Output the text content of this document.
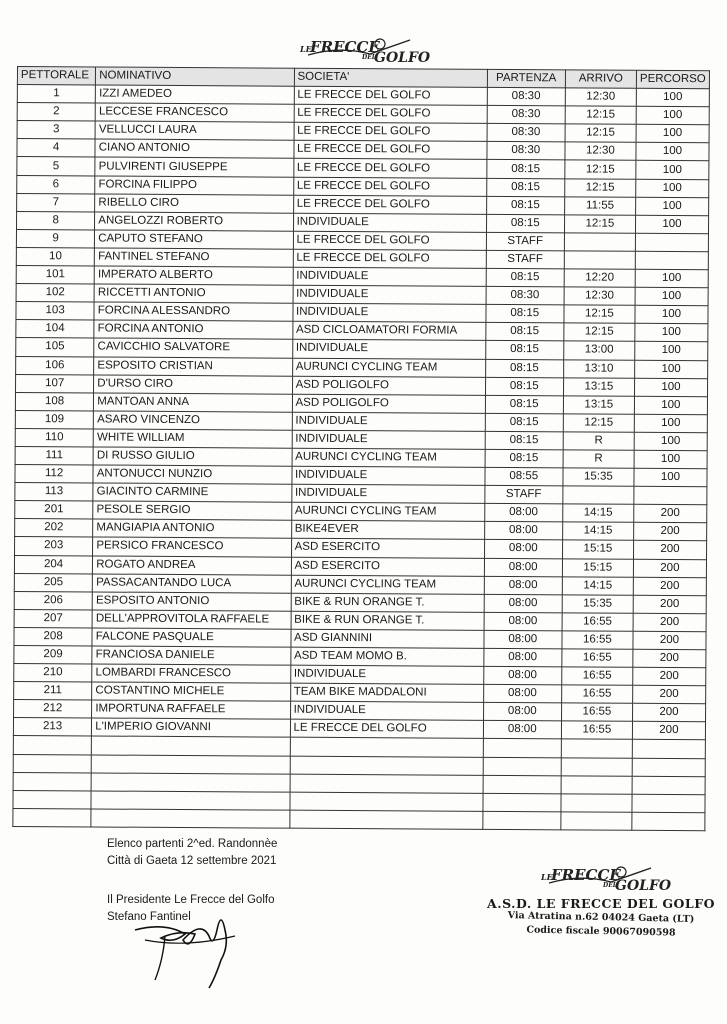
LE
FRECCE
DEL
GOLFO
PETTORALE	NOMINATIVO	SOCIETA'	PARTENZA	ARRIVO	PERCORSO
1	IZZI AMEDEO	LE FRECCE DEL GOLFO	08:30	12:30	100
2	LECCESE FRANCESCO	LE FRECCE DEL GOLFO	08:30	12:15	100
3	VELLUCCI LAURA	LE FRECCE DEL GOLFO	08:30	12:15	100
4	CIANO ANTONIO	LE FRECCE DEL GOLFO	08:30	12:30	100
5	PULVIRENTI GIUSEPPE	LE FRECCE DEL GOLFO	08:15	12:15	100
6	FORCINA FILIPPO	LE FRECCE DEL GOLFO	08:15	12:15	100
7	RIBELLO CIRO	LE FRECCE DEL GOLFO	08:15	11:55	100
8	ANGELOZZI ROBERTO	INDIVIDUALE	08:15	12:15	100
9	CAPUTO STEFANO	LE FRECCE DEL GOLFO	STAFF		
10	FANTINEL STEFANO	LE FRECCE DEL GOLFO	STAFF		
101	IMPERATO ALBERTO	INDIVIDUALE	08:15	12:20	100
102	RICCETTI ANTONIO	INDIVIDUALE	08:30	12:30	100
103	FORCINA ALESSANDRO	INDIVIDUALE	08:15	12:15	100
104	FORCINA ANTONIO	ASD CICLOAMATORI FORMIA	08:15	12:15	100
105	CAVICCHIO SALVATORE	INDIVIDUALE	08:15	13:00	100
106	ESPOSITO CRISTIAN	AURUNCI CYCLING TEAM	08:15	13:10	100
107	D'URSO CIRO	ASD POLIGOLFO	08:15	13:15	100
108	MANTOAN ANNA	ASD POLIGOLFO	08:15	13:15	100
109	ASARO VINCENZO	INDIVIDUALE	08:15	12:15	100
110	WHITE WILLIAM	INDIVIDUALE	08:15	R	100
111	DI RUSSO GIULIO	AURUNCI CYCLING TEAM	08:15	R	100
112	ANTONUCCI NUNZIO	INDIVIDUALE	08:55	15:35	100
113	GIACINTO CARMINE	INDIVIDUALE	STAFF		
201	PESOLE SERGIO	AURUNCI CYCLING TEAM	08:00	14:15	200
202	MANGIAPIA ANTONIO	BIKE4EVER	08:00	14:15	200
203	PERSICO FRANCESCO	ASD ESERCITO	08:00	15:15	200
204	ROGATO ANDREA	ASD ESERCITO	08:00	15:15	200
205	PASSACANTANDO LUCA	AURUNCI CYCLING TEAM	08:00	14:15	200
206	ESPOSITO ANTONIO	BIKE & RUN ORANGE T.	08:00	15:35	200
207	DELL'APPROVITOLA RAFFAELE	BIKE & RUN ORANGE T.	08:00	16:55	200
208	FALCONE PASQUALE	ASD GIANNINI	08:00	16:55	200
209	FRANCIOSA DANIELE	ASD TEAM MOMO B.	08:00	16:55	200
210	LOMBARDI FRANCESCO	INDIVIDUALE	08:00	16:55	200
211	COSTANTINO MICHELE	TEAM BIKE MADDALONI	08:00	16:55	200
212	IMPORTUNA RAFFAELE	INDIVIDUALE	08:00	16:55	200
213	L'IMPERIO GIOVANNI	LE FRECCE DEL GOLFO	08:00	16:55	200

Elenco partenti 2^ed. Randonnèe
Città di Gaeta 12 settembre 2021
Il Presidente Le Frecce del Golfo
Stefano Fantinel
LE
FRECCE
DEL
GOLFO
A.S.D. LE FRECCE DEL GOLFO
Via Atratina n.62 04024 Gaeta (LT)
Codice fiscale 90067090598
